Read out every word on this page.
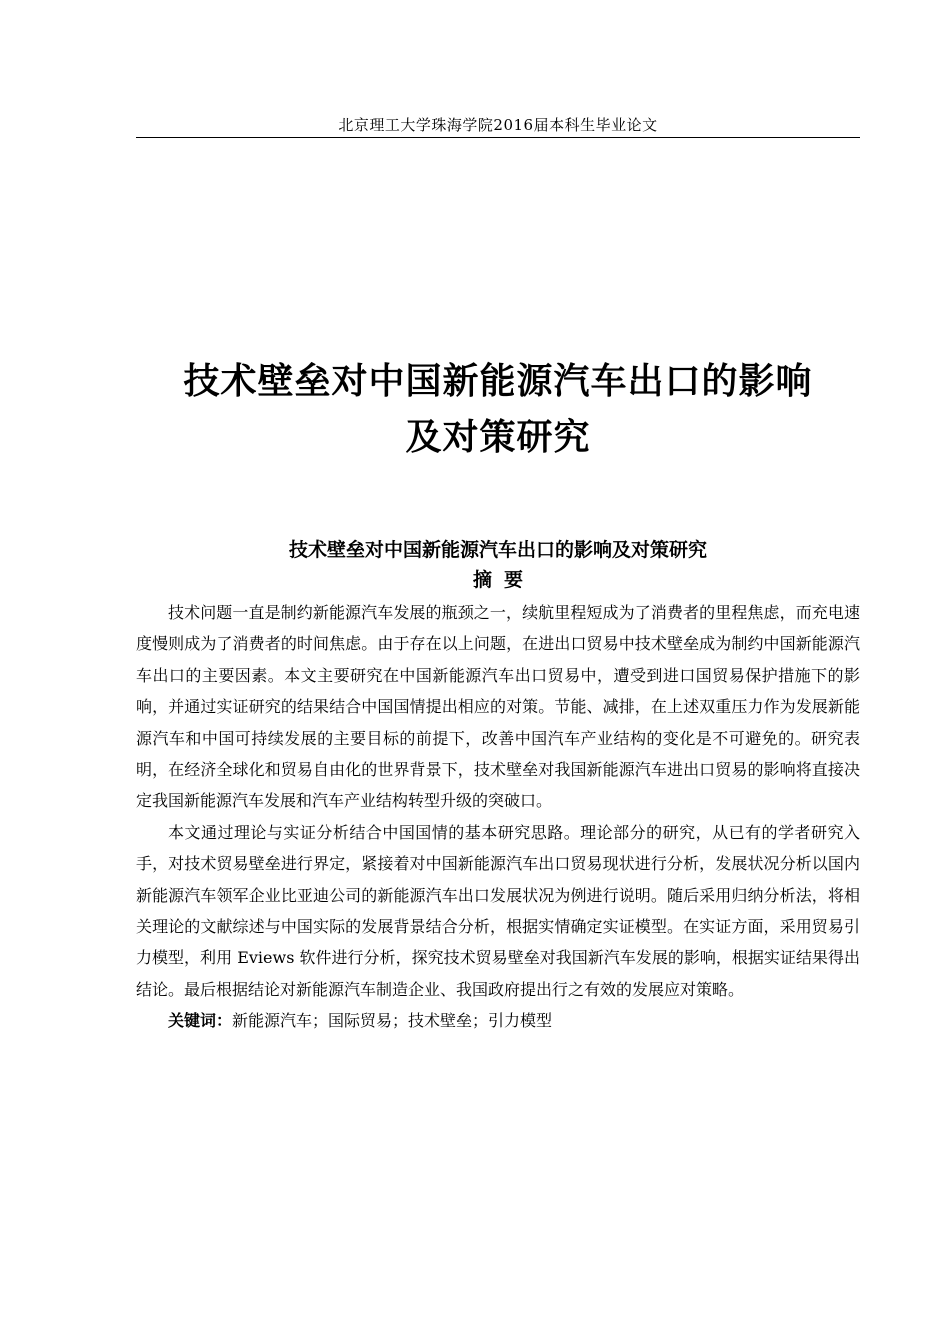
北京理工大学珠海学院2016届本科生毕业论文
技术壁垒对中国新能源汽车出口的影响
及对策研究
技术壁垒对中国新能源汽车出口的影响及对策研究
摘要

技术问题一直是制约新能源汽车发展的瓶颈之一，续航里程短成为了消费者的里程焦虑，而充电速度慢则成为了消费者的时间焦虑。由于存在以上问题，在进出口贸易中技术壁垒成为制约中国新能源汽车出口的主要因素。本文主要研究在中国新能源汽车出口贸易中，遭受到进口国贸易保护措施下的影响，并通过实证研究的结果结合中国国情提出相应的对策。节能、减排，在上述双重压力作为发展新能源汽车和中国可持续发展的主要目标的前提下，改善中国汽车产业结构的变化是不可避免的。研究表明，在经济全球化和贸易自由化的世界背景下，技术壁垒对我国新能源汽车进出口贸易的影响将直接决定我国新能源汽车发展和汽车产业结构转型升级的突破口。

本文通过理论与实证分析结合中国国情的基本研究思路。理论部分的研究，从已有的学者研究入手，对技术贸易壁垒进行界定，紧接着对中国新能源汽车出口贸易现状进行分析，发展状况分析以国内新能源汽车领军企业比亚迪公司的新能源汽车出口发展状况为例进行说明。随后采用归纳分析法，将相关理论的文献综述与中国实际的发展背景结合分析，根据实情确定实证模型。在实证方面，采用贸易引力模型，利用 Eviews 软件进行分析，探究技术贸易壁垒对我国新汽车发展的影响，根据实证结果得出结论。最后根据结论对新能源汽车制造企业、我国政府提出行之有效的发展应对策略。

关键词：新能源汽车；国际贸易；技术壁垒；引力模型
